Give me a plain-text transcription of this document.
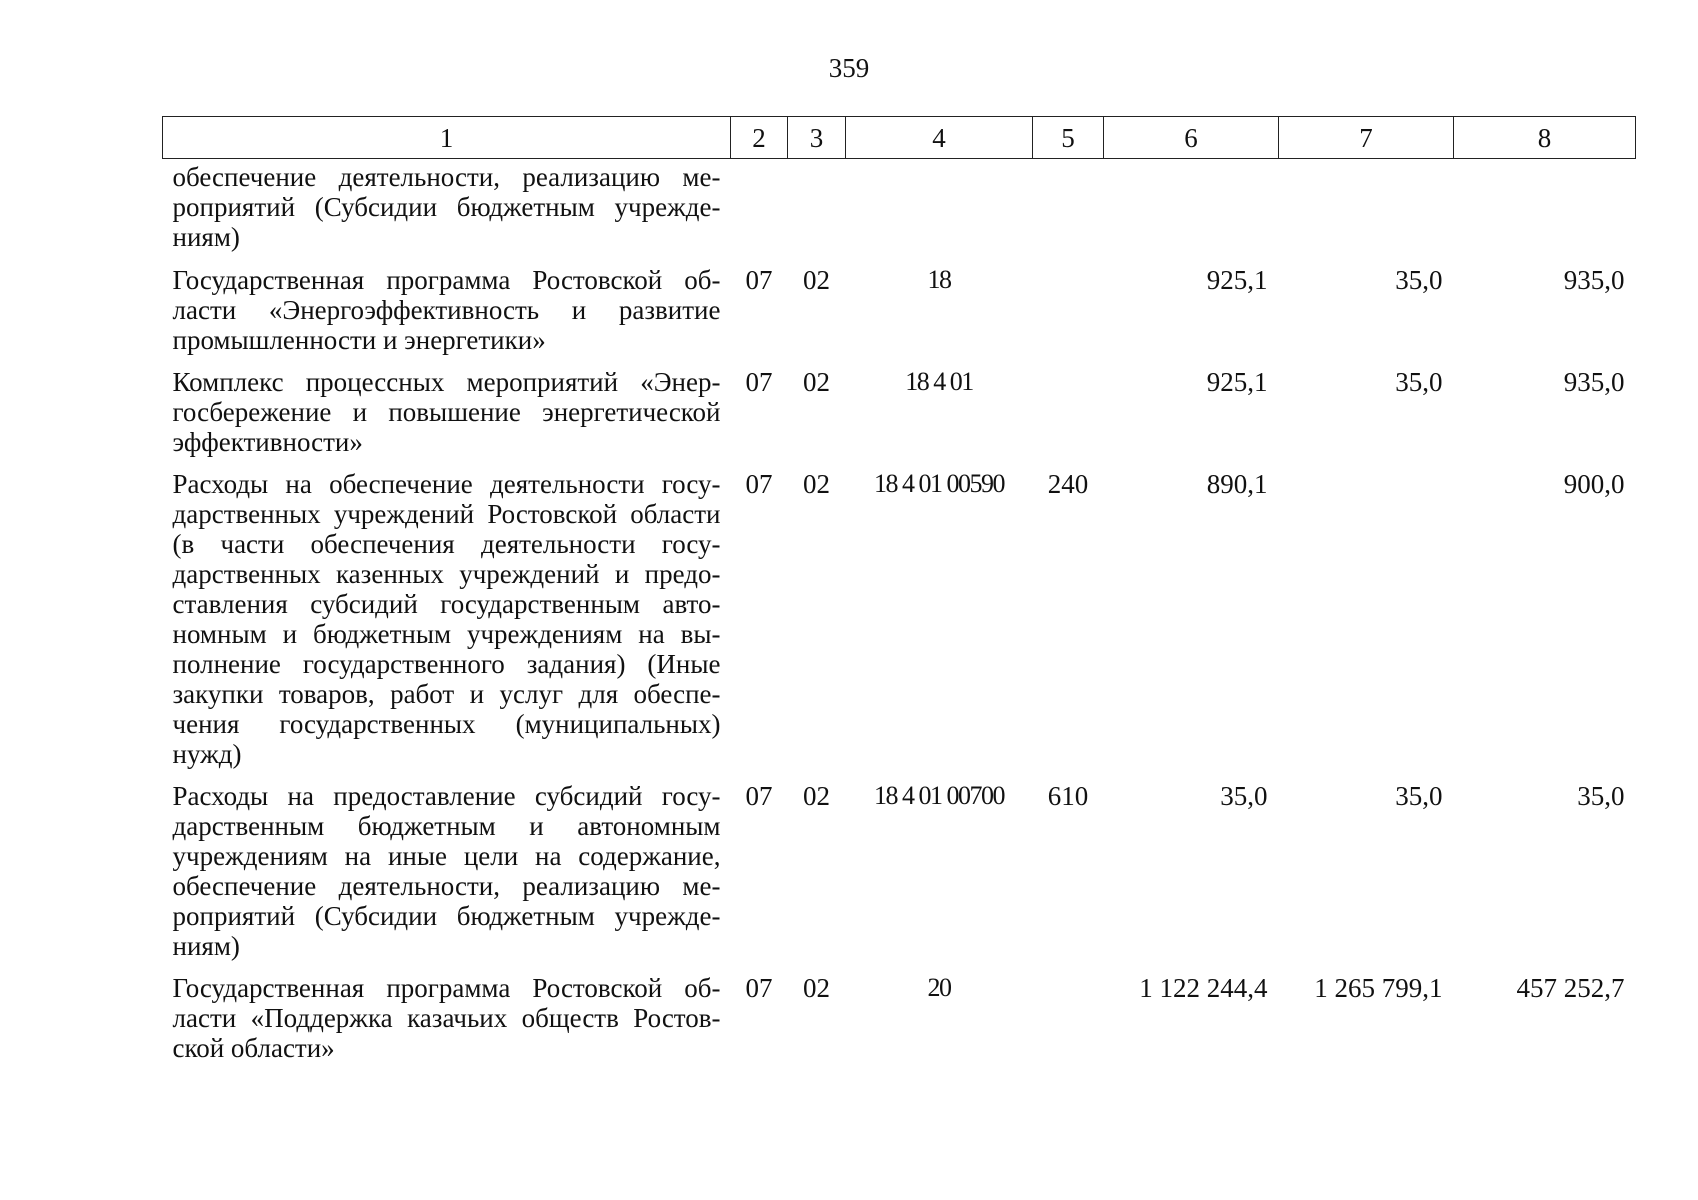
359
1	2	3	4	5	6	7	8
обеспечение деятельности, реализацию мероприятий (Субсидии бюджетным учреждениям)							
Государственная программа Ростовской области «Энергоэффективность и развитие промышленности и энергетики»	07	02	18		925,1	35,0	935,0
Комплекс процессных мероприятий «Энергосбережение и повышение энергетической эффективности»	07	02	18 4 01		925,1	35,0	935,0
Расходы на обеспечение деятельности государственных учреждений Ростовской области (в части обеспечения деятельности государственных казенных учреждений и предоставления субсидий государственным автономным и бюджетным учреждениям на выполнение государственного задания) (Иные закупки товаров, работ и услуг для обеспечения государственных (муниципальных) нужд)	07	02	18 4 01 00590	240	890,1		900,0
Расходы на предоставление субсидий государственным бюджетным и автономным учреждениям на иные цели на содержание, обеспечение деятельности, реализацию мероприятий (Субсидии бюджетным учреждениям)	07	02	18 4 01 00700	610	35,0	35,0	35,0
Государственная программа Ростовской области «Поддержка казачьих обществ Ростовской области»	07	02	20		1 122 244,4	1 265 799,1	457 252,7
